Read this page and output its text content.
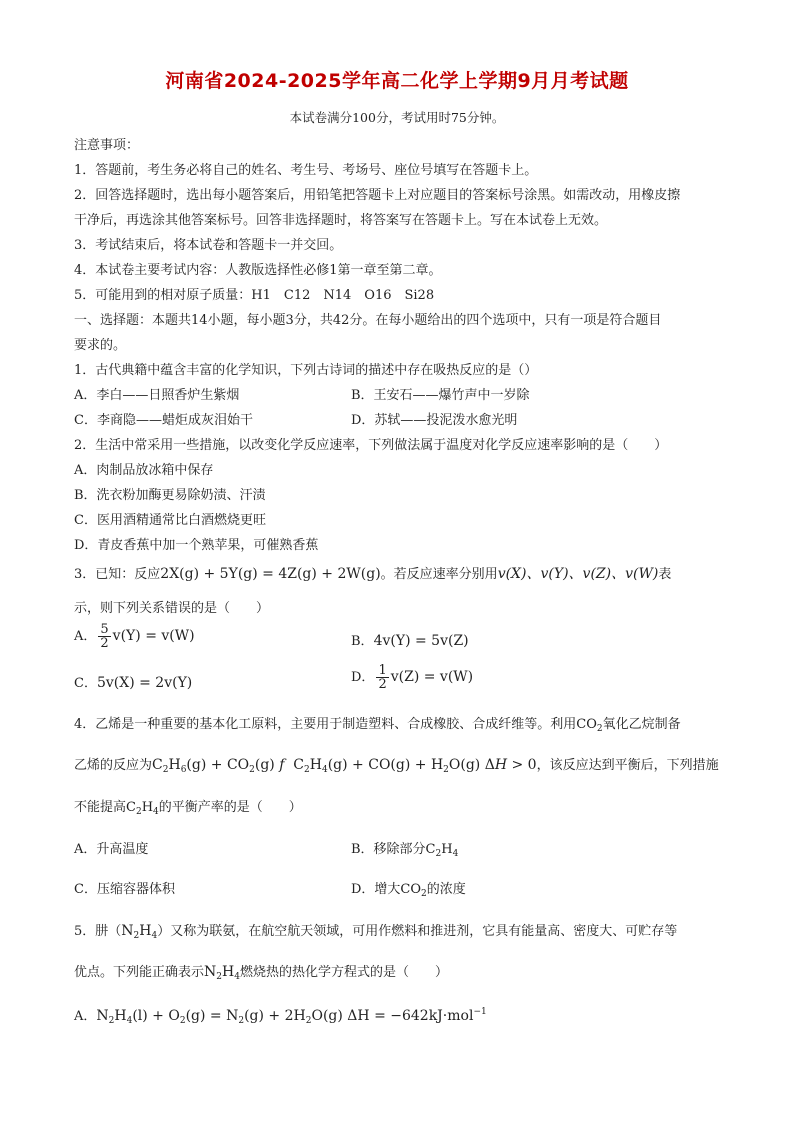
河南省2024-2025学年高二化学上学期9月月考试题
本试卷满分100分，考试用时75分钟。
注意事项：
1．答题前，考生务必将自己的姓名、考生号、考场号、座位号填写在答题卡上。
2．回答选择题时，选出每小题答案后，用铅笔把答题卡上对应题目的答案标号涂黑。如需改动，用橡皮擦
干净后，再选涂其他答案标号。回答非选择题时，将答案写在答题卡上。写在本试卷上无效。
3．考试结束后，将本试卷和答题卡一并交回。
4．本试卷主要考试内容：人教版选择性必修1第一章至第二章。
5．可能用到的相对原子质量：H1　C12　N14　O16　Si28
一、选择题：本题共14小题，每小题3分，共42分。在每小题给出的四个选项中，只有一项是符合题目
要求的。
1．古代典籍中蕴含丰富的化学知识，下列古诗词的描述中存在吸热反应的是（）
A．李白——日照香炉生紫烟	B．王安石——爆竹声中一岁除
C．李商隐——蜡炬成灰泪始干	D．苏轼——投泥泼水愈光明
2．生活中常采用一些措施，以改变化学反应速率，下列做法属于温度对化学反应速率影响的是（　　）
A．肉制品放冰箱中保存
B．洗衣粉加酶更易除奶渍、汗渍
C．医用酒精通常比白酒燃烧更旺
D．青皮香蕉中加一个熟苹果，可催熟香蕉
3．已知：反应2X(g) + 5Y(g) = 4Z(g) + 2W(g)。若反应速率分别用v(X)、v(Y)、v(Z)、v(W)表
示，则下列关系错误的是（　　）
A． $\frac{5}{2} v(Y) = v(W)$	B．4v(Y) = 5v(Z)
C．5v(X) = 2v(Y)	D． $\frac{1}{2} v(Z) = v(W)$
4．乙烯是一种重要的基本化工原料，主要用于制造塑料、合成橡胶、合成纤维等。利用$CO_2$氧化乙烷制备
乙烯的反应为$C_2H_6(g) + CO_2(g)$ f  $C_2H_4(g) + CO(g) + H_2O(g) \Delta H > 0$，该反应达到平衡后，下列措施
不能提高$C_2H_4$的平衡产率的是（　　）
A．升高温度	B．移除部分$C_2H_4$
C．压缩容器体积	D．增大$CO_2$的浓度
5．肼$(N_2H_4)$又称为联氨，在航空航天领域，可用作燃料和推进剂，它具有能量高、密度大、可贮存等
优点。下列能正确表示$N_2H_4$燃烧热的热化学方程式的是（　　）
A．$N_2H_4(l) + O_2(g) = N_2(g) + 2H_2O(g) \Delta H = -642kJ\cdot mol^{-1}$
